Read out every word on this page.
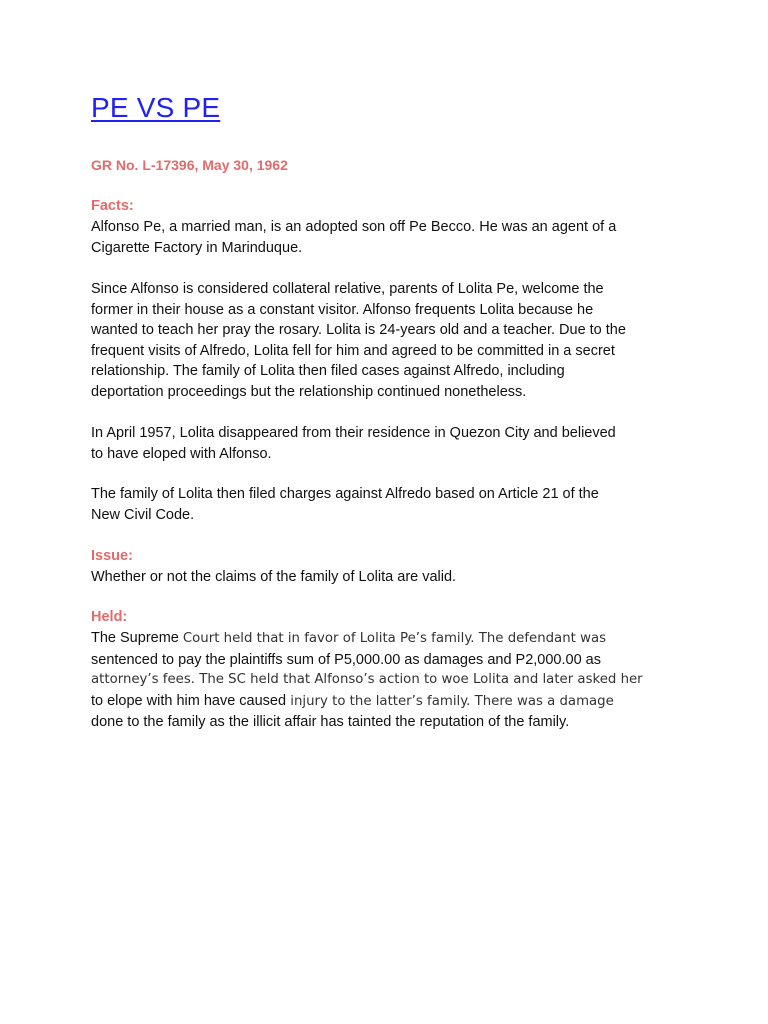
PE VS PE
GR No. L-17396, May 30, 1962
Facts:
Alfonso Pe, a married man, is an adopted son off Pe Becco. He was an agent of a
Cigarette Factory in Marinduque.
Since Alfonso is considered collateral relative, parents of Lolita Pe, welcome the
former in their house as a constant visitor. Alfonso frequents Lolita because he
wanted to teach her pray the rosary. Lolita is 24-years old and a teacher. Due to the
frequent visits of Alfredo, Lolita fell for him and agreed to be committed in a secret
relationship. The family of Lolita then filed cases against Alfredo, including
deportation proceedings but the relationship continued nonetheless.
In April 1957, Lolita disappeared from their residence in Quezon City and believed
to have eloped with Alfonso.
The family of Lolita then filed charges against Alfredo based on Article 21 of the
New Civil Code.
Issue:
Whether or not the claims of the family of Lolita are valid.
Held:
The Supreme Court held that in favor of Lolita Pe’s family. The defendant was
sentenced to pay the plaintiffs sum of P5,000.00 as damages and P2,000.00 as
attorney’s fees. The SC held that Alfonso’s action to woe Lolita and later asked her
to elope with him have caused injury to the latter’s family. There was a damage
done to the family as the illicit affair has tainted the reputation of the family.
